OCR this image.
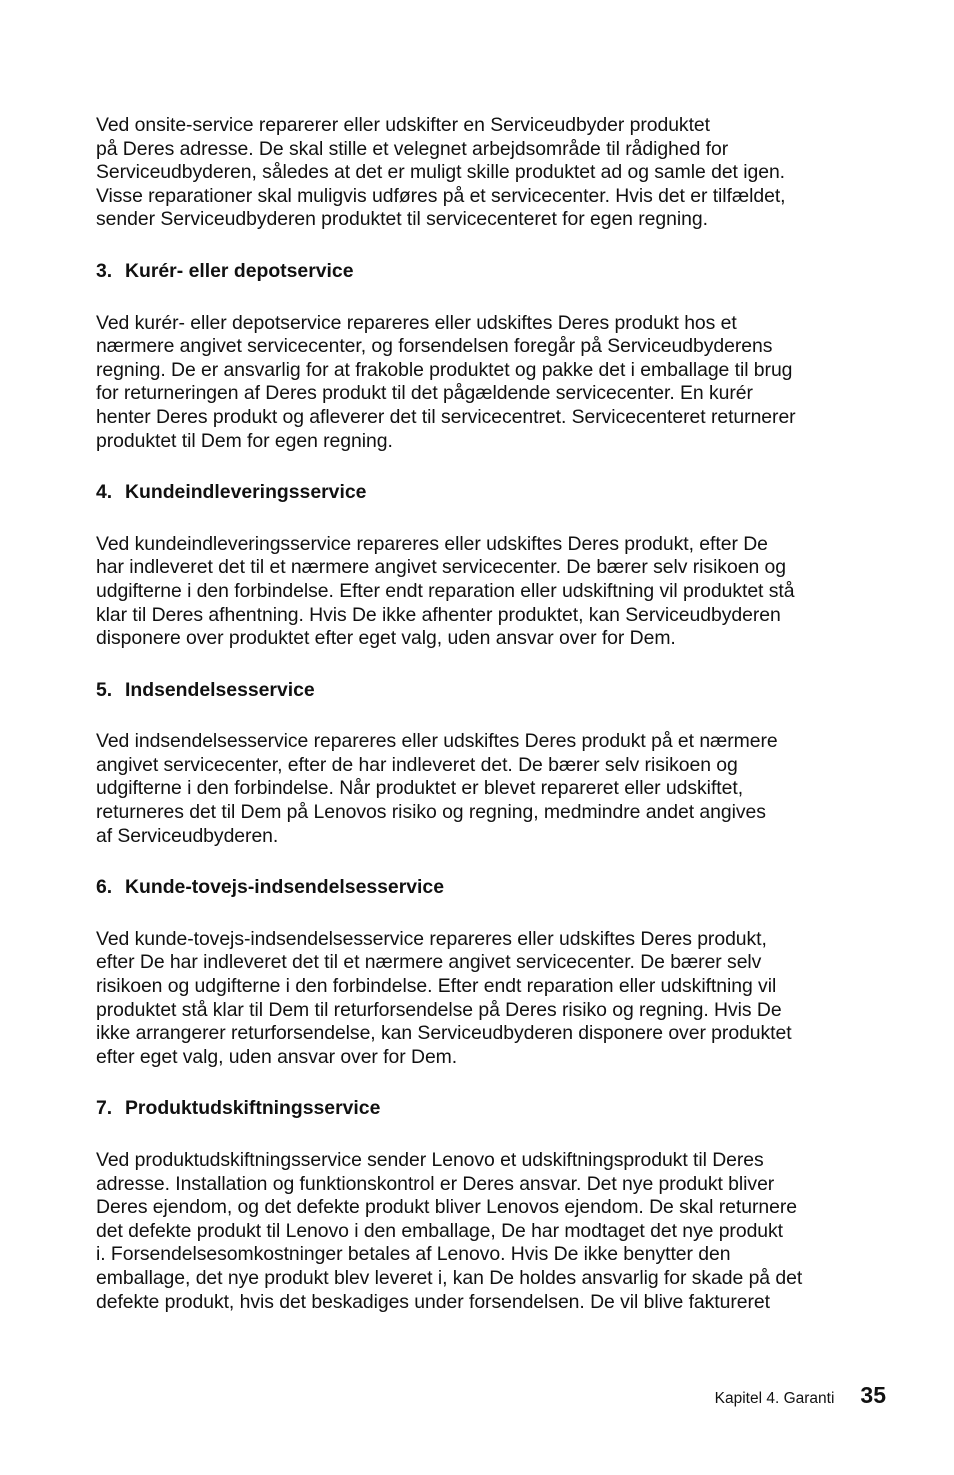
Ved onsite-service reparerer eller udskifter en Serviceudbyder produktet
på Deres adresse. De skal stille et velegnet arbejdsområde til rådighed for
Serviceudbyderen, således at det er muligt skille produktet ad og samle det igen.
Visse reparationer skal muligvis udføres på et servicecenter. Hvis det er tilfældet,
sender Serviceudbyderen produktet til servicecenteret for egen regning.

3. Kurér- eller depotservice

Ved kurér- eller depotservice repareres eller udskiftes Deres produkt hos et
nærmere angivet servicecenter, og forsendelsen foregår på Serviceudbyderens
regning. De er ansvarlig for at frakoble produktet og pakke det i emballage til brug
for returneringen af Deres produkt til det pågældende servicecenter. En kurér
henter Deres produkt og afleverer det til servicecentret. Servicecenteret returnerer
produktet til Dem for egen regning.

4. Kundeindleveringsservice

Ved kundeindleveringsservice repareres eller udskiftes Deres produkt, efter De
har indleveret det til et nærmere angivet servicecenter. De bærer selv risikoen og
udgifterne i den forbindelse. Efter endt reparation eller udskiftning vil produktet stå
klar til Deres afhentning. Hvis De ikke afhenter produktet, kan Serviceudbyderen
disponere over produktet efter eget valg, uden ansvar over for Dem.

5. Indsendelsesservice

Ved indsendelsesservice repareres eller udskiftes Deres produkt på et nærmere
angivet servicecenter, efter de har indleveret det. De bærer selv risikoen og
udgifterne i den forbindelse. Når produktet er blevet repareret eller udskiftet,
returneres det til Dem på Lenovos risiko og regning, medmindre andet angives
af Serviceudbyderen.

6. Kunde-tovejs-indsendelsesservice

Ved kunde-tovejs-indsendelsesservice repareres eller udskiftes Deres produkt,
efter De har indleveret det til et nærmere angivet servicecenter. De bærer selv
risikoen og udgifterne i den forbindelse. Efter endt reparation eller udskiftning vil
produktet stå klar til Dem til returforsendelse på Deres risiko og regning. Hvis De
ikke arrangerer returforsendelse, kan Serviceudbyderen disponere over produktet
efter eget valg, uden ansvar over for Dem.

7. Produktudskiftningsservice

Ved produktudskiftningsservice sender Lenovo et udskiftningsprodukt til Deres
adresse. Installation og funktionskontrol er Deres ansvar. Det nye produkt bliver
Deres ejendom, og det defekte produkt bliver Lenovos ejendom. De skal returnere
det defekte produkt til Lenovo i den emballage, De har modtaget det nye produkt
i. Forsendelsesomkostninger betales af Lenovo. Hvis De ikke benytter den
emballage, det nye produkt blev leveret i, kan De holdes ansvarlig for skade på det
defekte produkt, hvis det beskadiges under forsendelsen. De vil blive faktureret

Kapitel 4. Garanti 35
